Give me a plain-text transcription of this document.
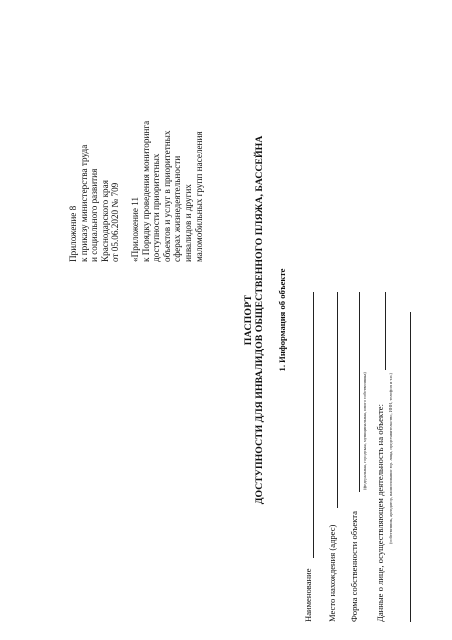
Приложение 8 к приказу министерства труда и социального развития Краснодарского края от 05.06.2020 № 709 «Приложение 11 к Порядку проведения мониторинга доступности приоритетных объектов и услуг в приоритетных сферах жизнедеятельности инвалидов и других маломобильных групп населения
ПАСПОРТ ДОСТУПНОСТИ ДЛЯ ИНВАЛИДОВ ОБЩЕСТВЕННОГО ПЛЯЖА, БАССЕЙНА 1. Информация об объекте
Наименование Место нахождения (адрес) Форма собственности объекта
(федеральная, городская, муниципальная, иного собственника) Данные о лице, осуществляющем деятельность на объекте: (собственник, арендатор, наименование юр. лица, представительство, ИНН, телефон и т.п.)
